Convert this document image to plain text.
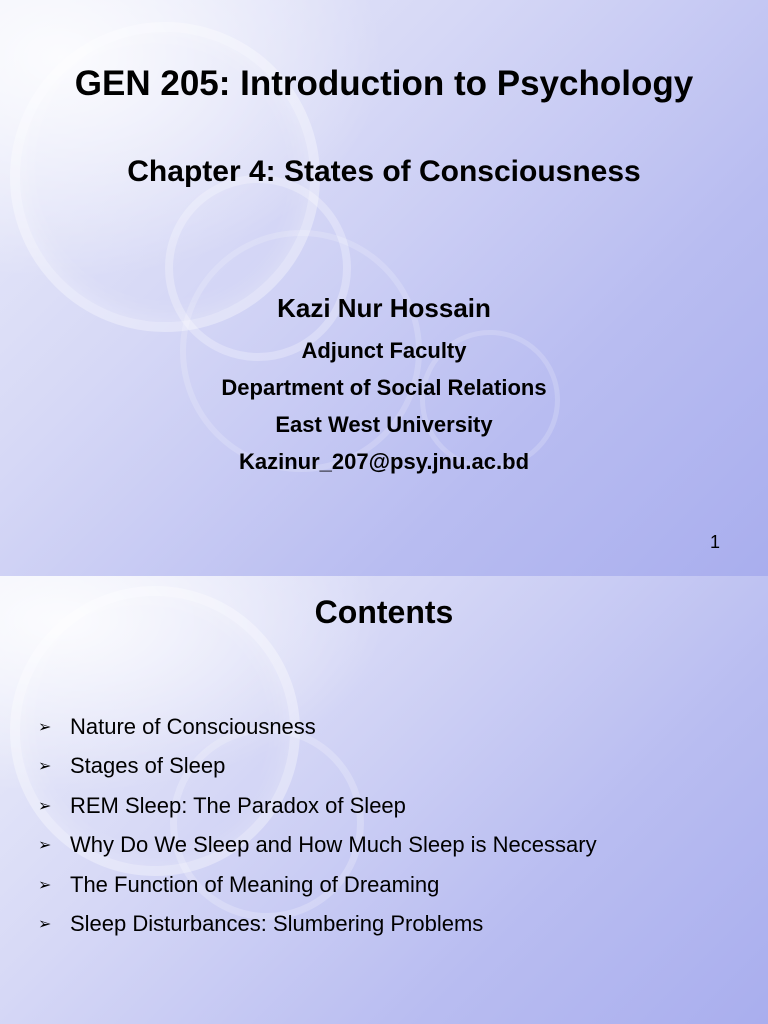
GEN 205: Introduction to Psychology
Chapter 4: States of Consciousness
Kazi Nur Hossain
Adjunct Faculty
Department of Social Relations
East West University
Kazinur_207@psy.jnu.ac.bd
1
Contents
➢ Nature of Consciousness
➢ Stages of Sleep
➢ REM Sleep: The Paradox of Sleep
➢ Why Do We Sleep and How Much Sleep is Necessary
➢ The Function of Meaning of Dreaming
➢ Sleep Disturbances: Slumbering Problems
